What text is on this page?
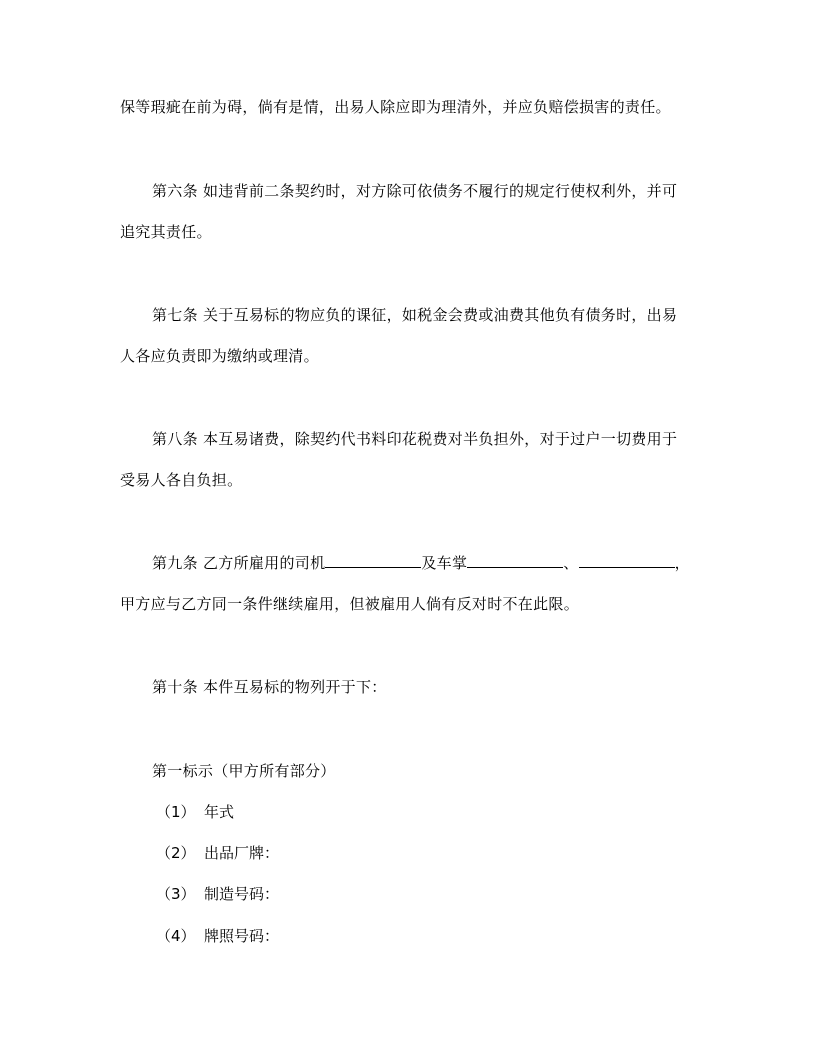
保等瑕疵在前为碍，倘有是情，出易人除应即为理清外，并应负赔偿损害的责任。
第六条 如违背前二条契约时，对方除可依债务不履行的规定行使权利外，并可
追究其责任。
第七条 关于互易标的物应负的课征，如税金会费或油费其他负有债务时，出易
人各应负责即为缴纳或理清。
第八条 本互易诸费，除契约代书料印花税费对半负担外，对于过户一切费用于
受易人各自负担。
第九条 乙方所雇用的司机	及车掌	、	，
甲方应与乙方同一条件继续雇用，但被雇用人倘有反对时不在此限。
第十条 本件互易标的物列开于下：
第一标示（甲方所有部分）
（1） 年式
（2） 出品厂牌：
（3） 制造号码：
（4） 牌照号码：
